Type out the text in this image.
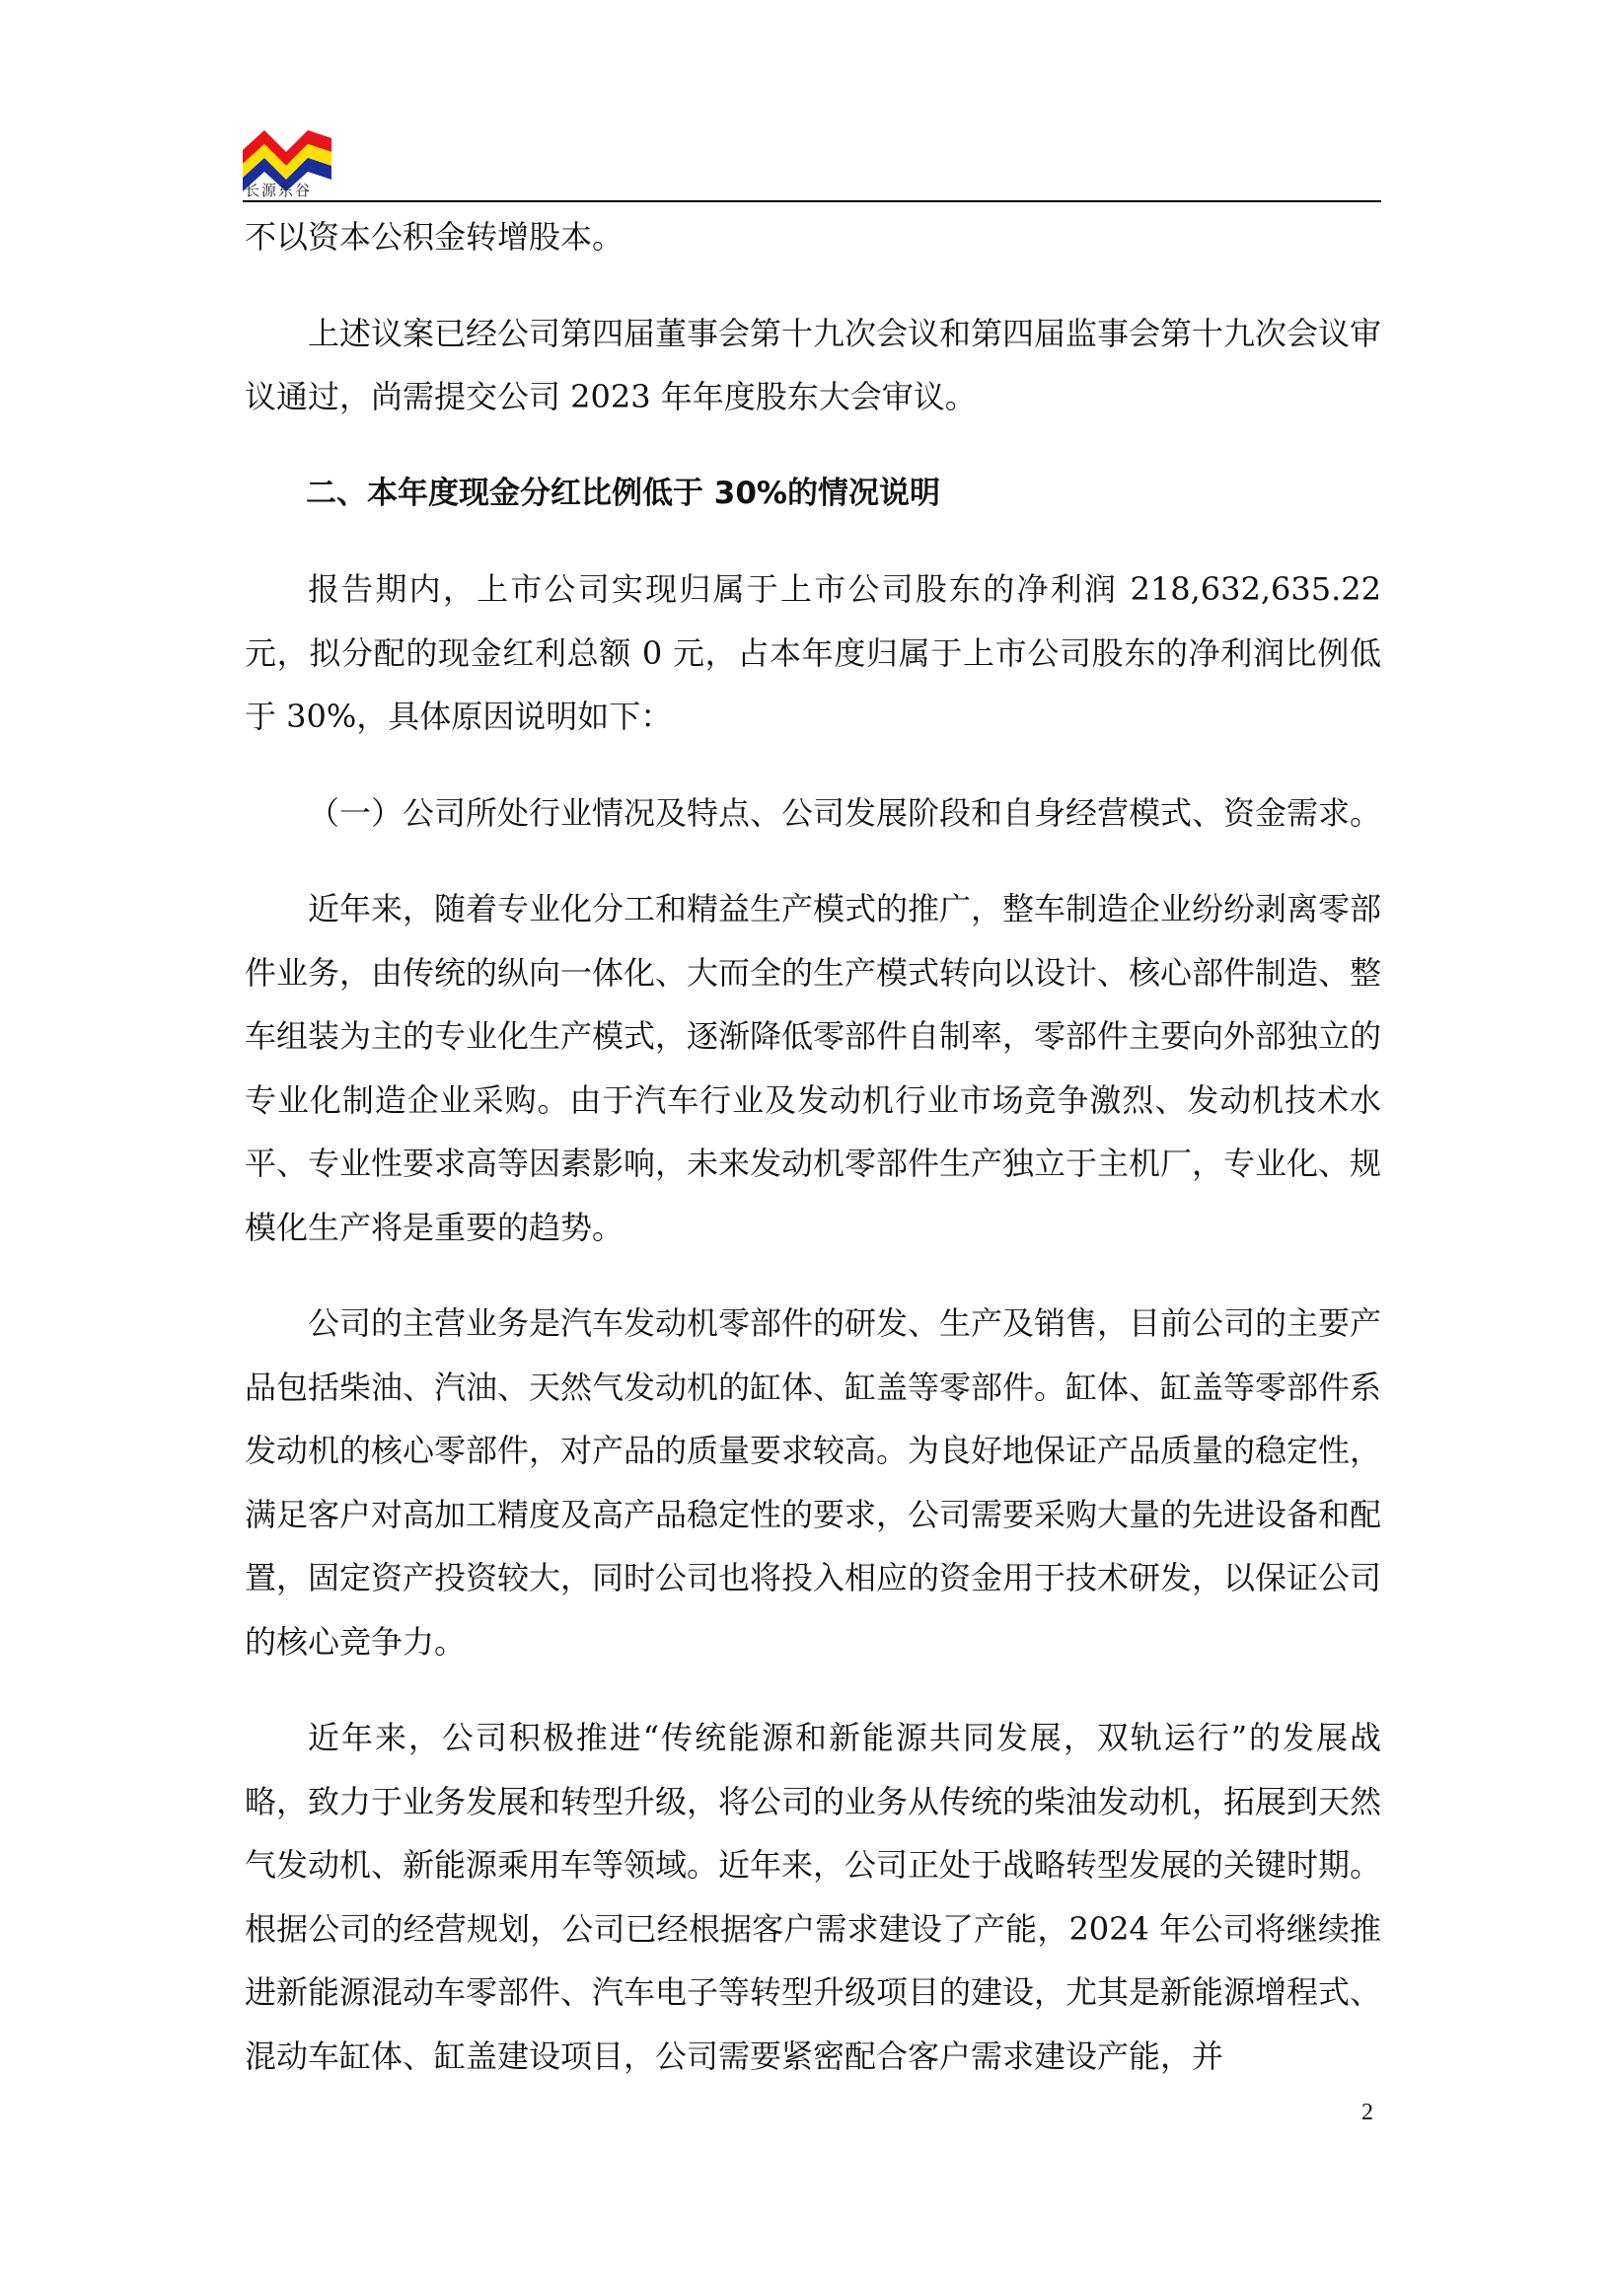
长源东谷

不以资本公积金转增股本。

上述议案已经公司第四届董事会第十九次会议和第四届监事会第十九次会议审议通过，尚需提交公司 2023 年年度股东大会审议。

二、本年度现金分红比例低于 30%的情况说明

报告期内，上市公司实现归属于上市公司股东的净利润 218,632,635.22 元，拟分配的现金红利总额 0 元，占本年度归属于上市公司股东的净利润比例低于 30%，具体原因说明如下：

（一）公司所处行业情况及特点、公司发展阶段和自身经营模式、资金需求。

近年来，随着专业化分工和精益生产模式的推广，整车制造企业纷纷剥离零部件业务，由传统的纵向一体化、大而全的生产模式转向以设计、核心部件制造、整车组装为主的专业化生产模式，逐渐降低零部件自制率，零部件主要向外部独立的专业化制造企业采购。由于汽车行业及发动机行业市场竞争激烈、发动机技术水平、专业性要求高等因素影响，未来发动机零部件生产独立于主机厂，专业化、规模化生产将是重要的趋势。

公司的主营业务是汽车发动机零部件的研发、生产及销售，目前公司的主要产品包括柴油、汽油、天然气发动机的缸体、缸盖等零部件。缸体、缸盖等零部件系发动机的核心零部件，对产品的质量要求较高。为良好地保证产品质量的稳定性，满足客户对高加工精度及高产品稳定性的要求，公司需要采购大量的先进设备和配置，固定资产投资较大，同时公司也将投入相应的资金用于技术研发，以保证公司的核心竞争力。

近年来，公司积极推进“传统能源和新能源共同发展，双轨运行”的发展战略，致力于业务发展和转型升级，将公司的业务从传统的柴油发动机，拓展到天然气发动机、新能源乘用车等领域。近年来，公司正处于战略转型发展的关键时期。根据公司的经营规划，公司已经根据客户需求建设了产能，2024 年公司将继续推进新能源混动车零部件、汽车电子等转型升级项目的建设，尤其是新能源增程式、混动车缸体、缸盖建设项目，公司需要紧密配合客户需求建设产能，并

2
